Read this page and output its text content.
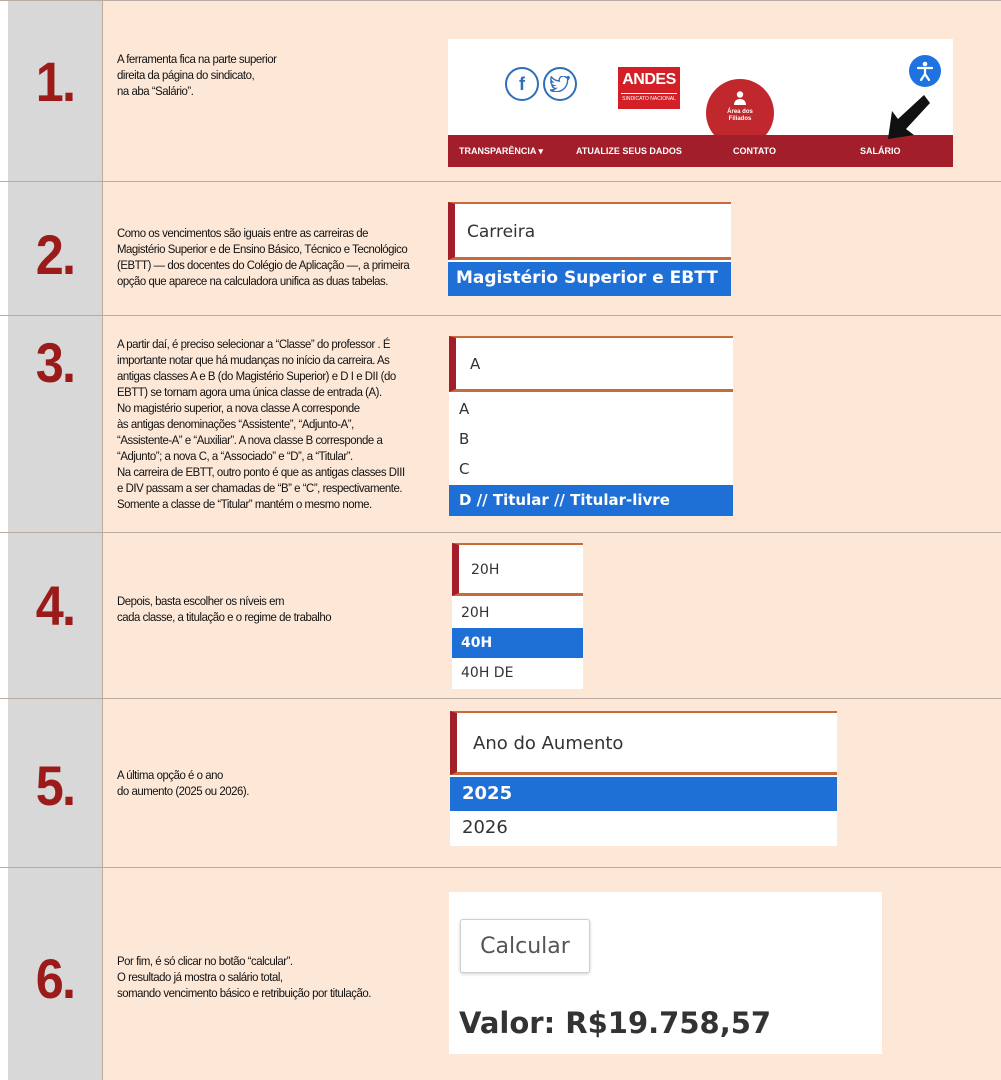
1.	A ferramenta fica na parte superior
direita da página do sindicato,
na aba “Salário”.	f	ANDES
SINDICATO NACIONAL
Área dos
Filiados
TRANSPARÊNCIA ▾	ATUALIZE SEUS DADOS	CONTATO	SALÁRIO
2.	Como os vencimentos são iguais entre as carreiras de
Magistério Superior e de Ensino Básico, Técnico e Tecnológico
(EBTT) — dos docentes do Colégio de Aplicação —, a primeira
opção que aparece na calculadora unifica as duas tabelas.
Carreira
Magistério Superior e EBTT
3.	A partir daí, é preciso selecionar a “Classe” do professor . É
importante notar que há mudanças no início da carreira. As
antigas classes A e B (do Magistério Superior) e D I e DII (do
EBTT) se tornam agora uma única classe de entrada (A).
No magistério superior, a nova classe A corresponde
às antigas denominações “Assistente”, “Adjunto-A”,
“Assistente-A” e “Auxiliar”. A nova classe B corresponde a
“Adjunto”; a nova C, a “Associado” e “D”, a “Titular”.
Na carreira de EBTT, outro ponto é que as antigas classes DIII
e DIV passam a ser chamadas de “B” e “C”, respectivamente.
Somente a classe de “Titular” mantém o mesmo nome.
A
A
B
C
D // Titular // Titular-livre
4.	Depois, basta escolher os níveis em
cada classe, a titulação e o regime de trabalho
20H
20H
40H
40H DE
5.	A última opção é o ano
do aumento (2025 ou 2026).
Ano do Aumento
2025
2026
6.	Por fim, é só clicar no botão “calcular”.
O resultado já mostra o salário total,
somando vencimento básico e retribuição por titulação.
Calcular
Valor: R$19.758,57
